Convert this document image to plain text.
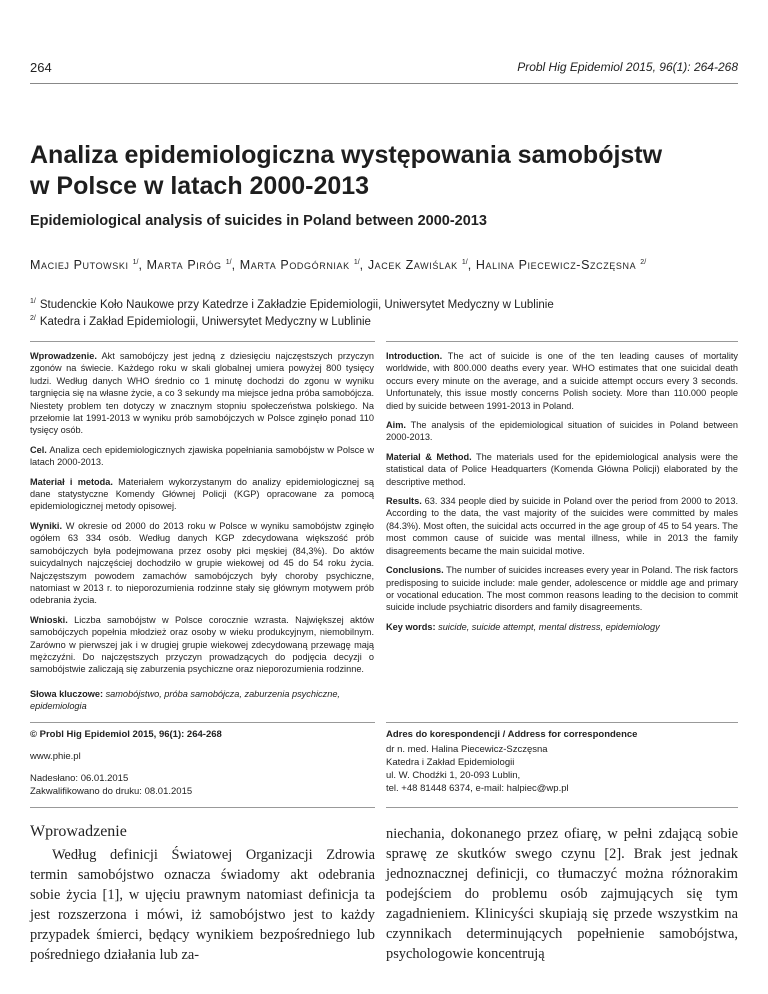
264	Probl Hig Epidemiol 2015, 96(1): 264-268
Analiza epidemiologiczna występowania samobójstw
w Polsce w latach 2000-2013
Epidemiological analysis of suicides in Poland between 2000-2013
Maciej Putowski $^{1/}$, Marta Piróg $^{1/}$, Marta Podgórniak $^{1/}$, Jacek Zawiślak $^{1/}$, Halina Piecewicz-Szczęsna $^{2/}$
$^{1/}$ Studenckie Koło Naukowe przy Katedrze i Zakładzie Epidemiologii, Uniwersytet Medyczny w Lublinie
$^{2/}$ Katedra i Zakład Epidemiologii, Uniwersytet Medyczny w Lublinie

Wprowadzenie. Akt samobójczy jest jedną z dziesięciu najczęstszych przyczyn zgonów na świecie. Każdego roku w skali globalnej umiera powyżej 800 tysięcy ludzi. Według danych WHO średnio co 1 minutę dochodzi do zgonu w wyniku targnięcia się na własne życie, a co 3 sekundy ma miejsce jedna próba samobójcza. Niestety problem ten dotyczy w znacznym stopniu społeczeństwa polskiego. Na przełomie lat 1991-2013 w wyniku prób samobójczych w Polsce zginęło ponad 110 tysięcy osób.

Cel. Analiza cech epidemiologicznych zjawiska popełniania samobójstw w Polsce w latach 2000-2013.

Materiał i metoda. Materiałem wykorzystanym do analizy epidemiologicznej są dane statystyczne Komendy Głównej Policji (KGP) opracowane za pomocą epidemiologicznej metody opisowej.

Wyniki. W okresie od 2000 do 2013 roku w Polsce w wyniku samobójstw zginęło ogółem 63 334 osób. Według danych KGP zdecydowana większość prób samobójczych była podejmowana przez osoby płci męskiej (84,3%). Do aktów suicydalnych najczęściej dochodziło w grupie wiekowej od 45 do 54 roku życia. Najczęstszym powodem zamachów samobójczych były choroby psychiczne, natomiast w 2013 r. to nieporozumienia rodzinne stały się głównym motywem prób odebrania życia.

Wnioski. Liczba samobójstw w Polsce corocznie wzrasta. Największej aktów samobójczych popełnia młodzież oraz osoby w wieku produkcyjnym, niemobilnym. Zarówno w pierwszej jak i w drugiej grupie wiekowej zdecydowaną przewagę mają mężczyźni. Do najczęstszych przyczyn prowadzących do podjęcia decyzji o samobójstwie zaliczają się zaburzenia psychiczne oraz nieporozumienia rodzinne.

Słowa kluczowe: samobójstwo, próba samobójcza, zaburzenia psychiczne, epidemiologia

Introduction. The act of suicide is one of the ten leading causes of mortality worldwide, with 800.000 deaths every year. WHO estimates that one suicidal death occurs every minute on the average, and a suicide attempt occurs every 3 seconds. Unfortunately, this issue mostly concerns Polish society. More than 110.000 people died by suicide between 1991-2013 in Poland.

Aim. The analysis of the epidemiological situation of suicides in Poland between 2000-2013.

Material & Method. The materials used for the epidemiological analysis were the statistical data of Police Headquarters (Komenda Główna Policji) elaborated by the descriptive method.

Results. 63. 334 people died by suicide in Poland over the period from 2000 to 2013. According to the data, the vast majority of the suicides were committed by males (84.3%). Most often, the suicidal acts occurred in the age group of 45 to 54 years. The most common cause of suicide was mental illness, while in 2013 the family disagreements became the main suicidal motive.

Conclusions. The number of suicides increases every year in Poland. The risk factors predisposing to suicide include: male gender, adolescence or middle age and primary or vocational education. The most common reasons leading to the decision to commit suicide include psychiatric disorders and family disagreements.

Key words: suicide, suicide attempt, mental distress, epidemiology

© Probl Hig Epidemiol 2015, 96(1): 264-268
www.phie.pl
Nadesłano: 06.01.2015
Zakwalifikowano do druku: 08.01.2015
Adres do korespondencji / Address for correspondence
dr n. med. Halina Piecewicz-Szczęsna
Katedra i Zakład Epidemiologii
ul. W. Chodźki 1, 20-093 Lublin,
tel. +48 81448 6374, e-mail: halpiec@wp.pl
Wprowadzenie
Według definicji Światowej Organizacji Zdrowia termin samobójstwo oznacza świadomy akt odebrania sobie życia [1], w ujęciu prawnym natomiast definicja ta jest rozszerzona i mówi, iż samobójstwo jest to każdy przypadek śmierci, będący wynikiem bezpośredniego lub pośredniego działania lub za-
niechania, dokonanego przez ofiarę, w pełni zdającą sobie sprawę ze skutków swego czynu [2]. Brak jest jednak jednoznacznej definicji, co tłumaczyć można różnorakim podejściem do problemu osób zajmujących się tym zagadnieniem. Klinicyści skupiają się przede wszystkim na czynnikach determinujących popełnienie samobójstwa, psychologowie koncentrują
